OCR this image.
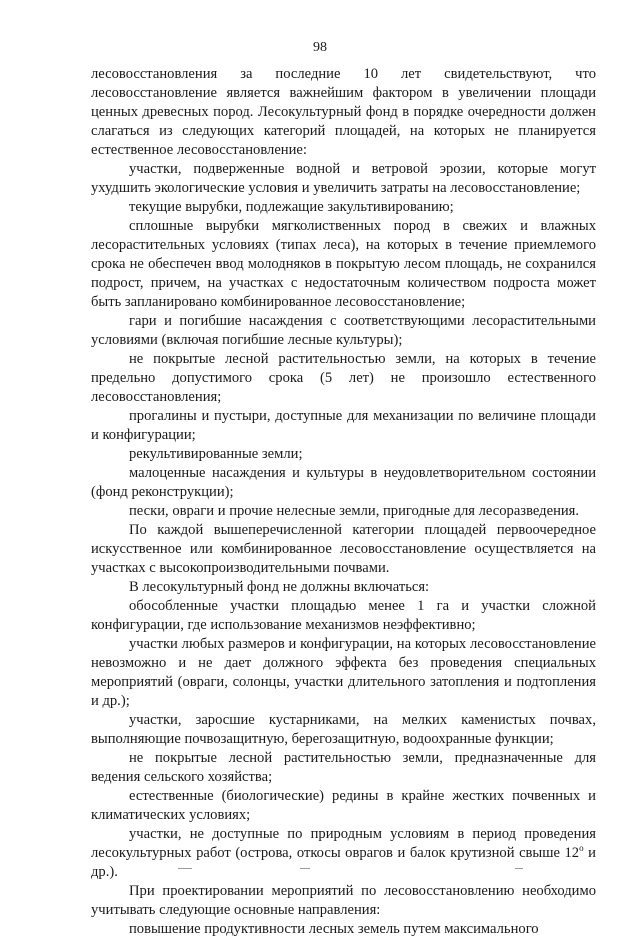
98

лесовосстановления за последние 10 лет свидетельствуют, что лесовосстановление является важнейшим фактором в увеличении площади ценных древесных пород. Лесокультурный фонд в порядке очередности должен слагаться из следующих категорий площадей, на которых не планируется естественное лесовосстановление:

участки, подверженные водной и ветровой эрозии, которые могут ухудшить экологические условия и увеличить затраты на лесовосстановление;

текущие вырубки, подлежащие закультивированию;

сплошные вырубки мягколиственных пород в свежих и влажных лесорастительных условиях (типах леса), на которых в течение приемлемого срока не обеспечен ввод молодняков в покрытую лесом площадь, не сохранился подрост, причем, на участках с недостаточным количеством подроста может быть запланировано комбинированное лесовосстановление;

гари и погибшие насаждения с соответствующими лесорастительными условиями (включая погибшие лесные культуры);

не покрытые лесной растительностью земли, на которых в течение предельно допустимого срока (5 лет) не произошло естественного лесовосстановления;

прогалины и пустыри, доступные для механизации по величине площади и конфигурации;

рекультивированные земли;

малоценные насаждения и культуры в неудовлетворительном состоянии (фонд реконструкции);

пески, овраги и прочие нелесные земли, пригодные для лесоразведения.

По каждой вышеперечисленной категории площадей первоочередное искусственное или комбинированное лесовосстановление осуществляется на участках с высокопроизводительными почвами.

В лесокультурный фонд не должны включаться:

обособленные участки площадью менее 1 га и участки сложной конфигурации, где использование механизмов неэффективно;

участки любых размеров и конфигурации, на которых лесовосстановление невозможно и не дает должного эффекта без проведения специальных мероприятий (овраги, солонцы, участки длительного затопления и подтопления и др.);

участки, заросшие кустарниками, на мелких каменистых почвах, выполняющие почвозащитную, берегозащитную, водоохранные функции;

не покрытые лесной растительностью земли, предназначенные для ведения сельского хозяйства;

естественные (биологические) редины в крайне жестких почвенных и климатических условиях;

участки, не доступные по природным условиям в период проведения лесокультурных работ (острова, откосы оврагов и балок крутизной свыше $12^о$ и др.).

При проектировании мероприятий по лесовосстановлению необходимо учитывать следующие основные направления:

повышение продуктивности лесных земель путем максимального
